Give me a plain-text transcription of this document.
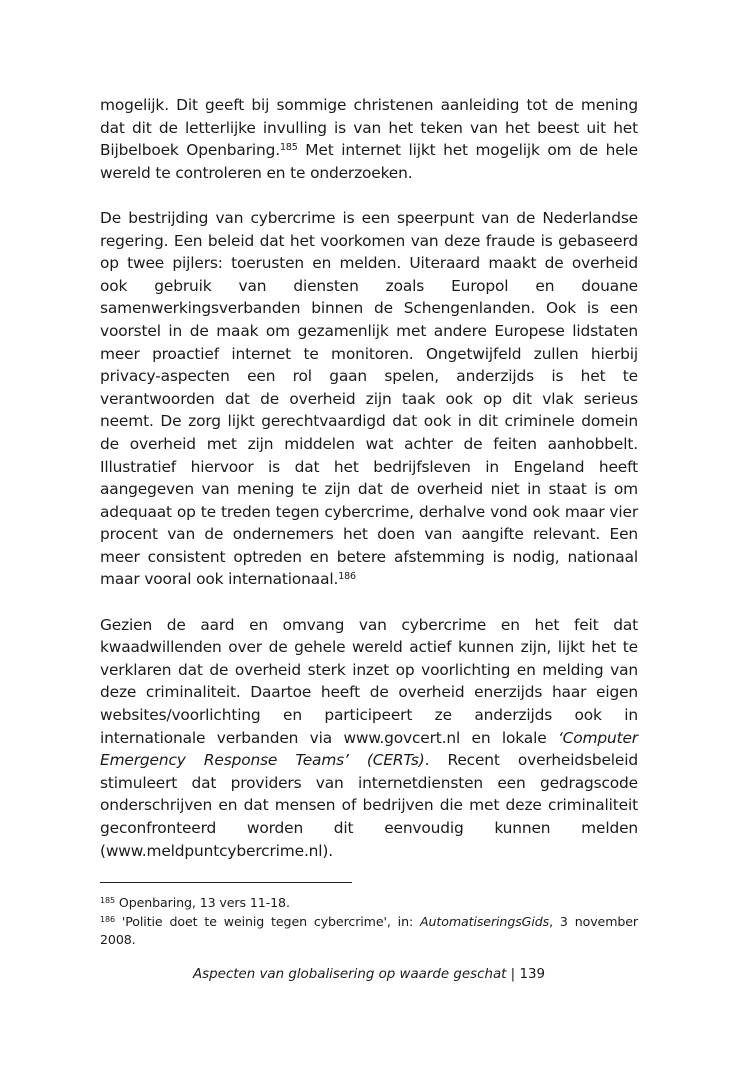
mogelijk. Dit geeft bij sommige christenen aanleiding tot de mening dat dit de letterlijke invulling is van het teken van het beest uit het Bijbelboek Openbaring.$^{185}$ Met internet lijkt het mogelijk om de hele wereld te controleren en te onderzoeken.

De bestrijding van cybercrime is een speerpunt van de Nederlandse regering. Een beleid dat het voorkomen van deze fraude is gebaseerd op twee pijlers: toerusten en melden. Uiteraard maakt de overheid ook gebruik van diensten zoals Europol en douane samenwerkingsverbanden binnen de Schengenlanden. Ook is een voorstel in de maak om gezamenlijk met andere Europese lidstaten meer proactief internet te monitoren. Ongetwijfeld zullen hierbij privacy-aspecten een rol gaan spelen, anderzijds is het te verantwoorden dat de overheid zijn taak ook op dit vlak serieus neemt. De zorg lijkt gerechtvaardigd dat ook in dit criminele domein de overheid met zijn middelen wat achter de feiten aanhobbelt. Illustratief hiervoor is dat het bedrijfsleven in Engeland heeft aangegeven van mening te zijn dat de overheid niet in staat is om adequaat op te treden tegen cybercrime, derhalve vond ook maar vier procent van de ondernemers het doen van aangifte relevant. Een meer consistent optreden en betere afstemming is nodig, nationaal maar vooral ook internationaal.$^{186}$

Gezien de aard en omvang van cybercrime en het feit dat kwaadwillenden over de gehele wereld actief kunnen zijn, lijkt het te verklaren dat de overheid sterk inzet op voorlichting en melding van deze criminaliteit. Daartoe heeft de overheid enerzijds haar eigen websites/voorlichting en participeert ze anderzijds ook in internationale verbanden via www.govcert.nl en lokale ‘Computer Emergency Response Teams’ (CERTs). Recent overheidsbeleid stimuleert dat providers van internetdiensten een gedragscode onderschrijven en dat mensen of bedrijven die met deze criminaliteit geconfronteerd worden dit eenvoudig kunnen melden (www.meldpuntcybercrime.nl).

$^{185}$ Openbaring, 13 vers 11-18.

$^{186}$ 'Politie doet te weinig tegen cybercrime', in: AutomatiseringsGids, 3 november 2008.

Aspecten van globalisering op waarde geschat | 139
